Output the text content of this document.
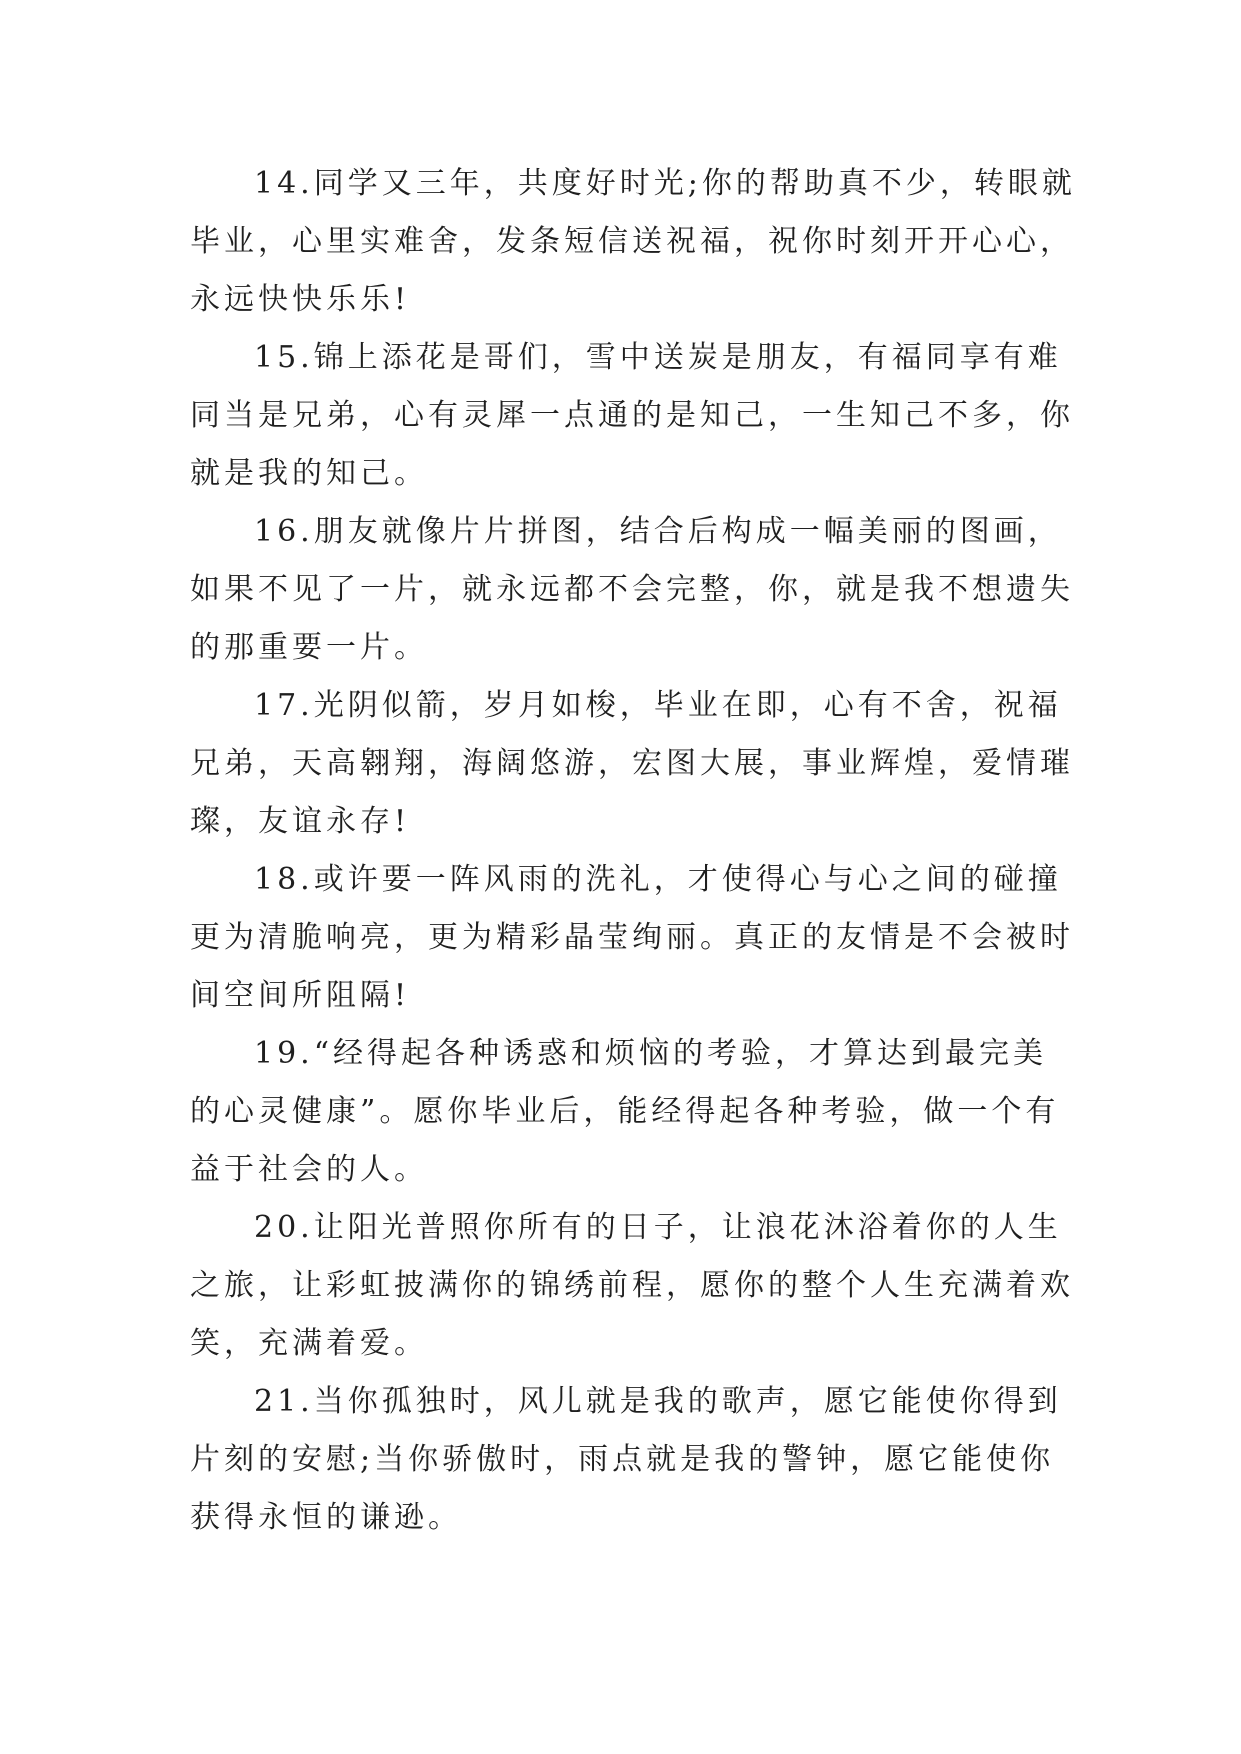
14.同学又三年，共度好时光;你的帮助真不少，转眼就
毕业，心里实难舍，发条短信送祝福，祝你时刻开开心心，
永远快快乐乐!

15.锦上添花是哥们，雪中送炭是朋友，有福同享有难
同当是兄弟，心有灵犀一点通的是知己，一生知己不多，你
就是我的知己。

16.朋友就像片片拼图，结合后构成一幅美丽的图画，
如果不见了一片，就永远都不会完整，你，就是我不想遗失
的那重要一片。

17.光阴似箭，岁月如梭，毕业在即，心有不舍，祝福
兄弟，天高翱翔，海阔悠游，宏图大展，事业辉煌，爱情璀
璨，友谊永存!

18.或许要一阵风雨的洗礼，才使得心与心之间的碰撞
更为清脆响亮，更为精彩晶莹绚丽。真正的友情是不会被时
间空间所阻隔!

19.“经得起各种诱惑和烦恼的考验，才算达到最完美
的心灵健康”。愿你毕业后，能经得起各种考验，做一个有
益于社会的人。

20.让阳光普照你所有的日子，让浪花沐浴着你的人生
之旅，让彩虹披满你的锦绣前程，愿你的整个人生充满着欢
笑，充满着爱。

21.当你孤独时，风儿就是我的歌声，愿它能使你得到
片刻的安慰;当你骄傲时，雨点就是我的警钟，愿它能使你
获得永恒的谦逊。
